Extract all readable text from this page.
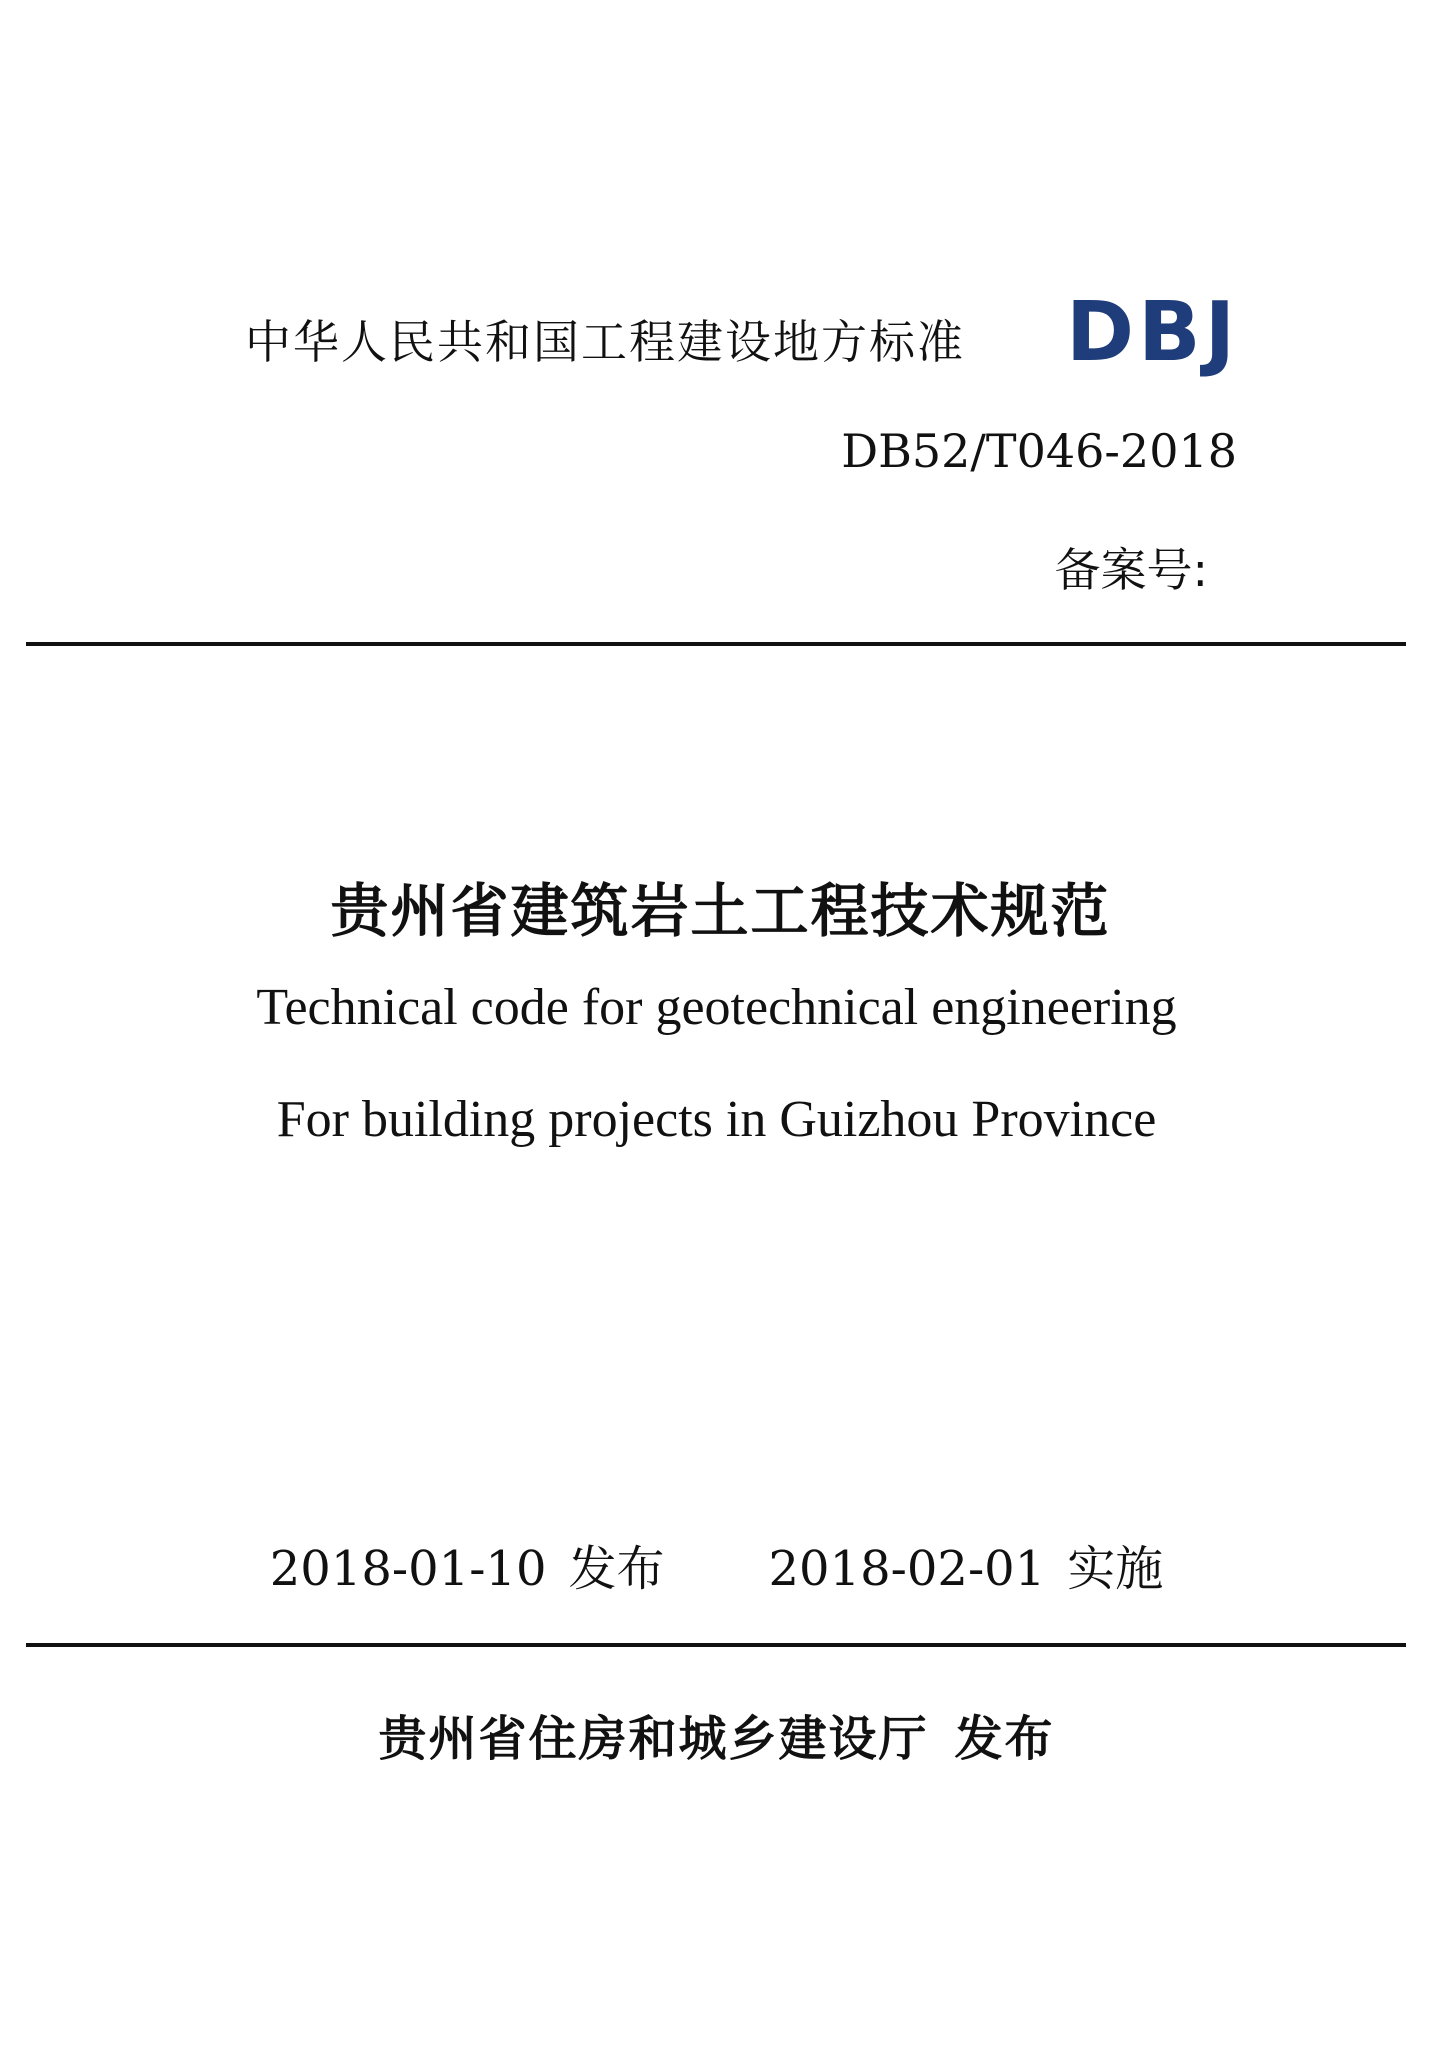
中华人民共和国工程建设地方标准 DBJ
DB52/T046-2018
备案号:
贵州省建筑岩土工程技术规范
Technical code for geotechnical engineering
For building projects in Guizhou Province
2018-01-10 发布 2018-02-01 实施
贵州省住房和城乡建设厅 发布
